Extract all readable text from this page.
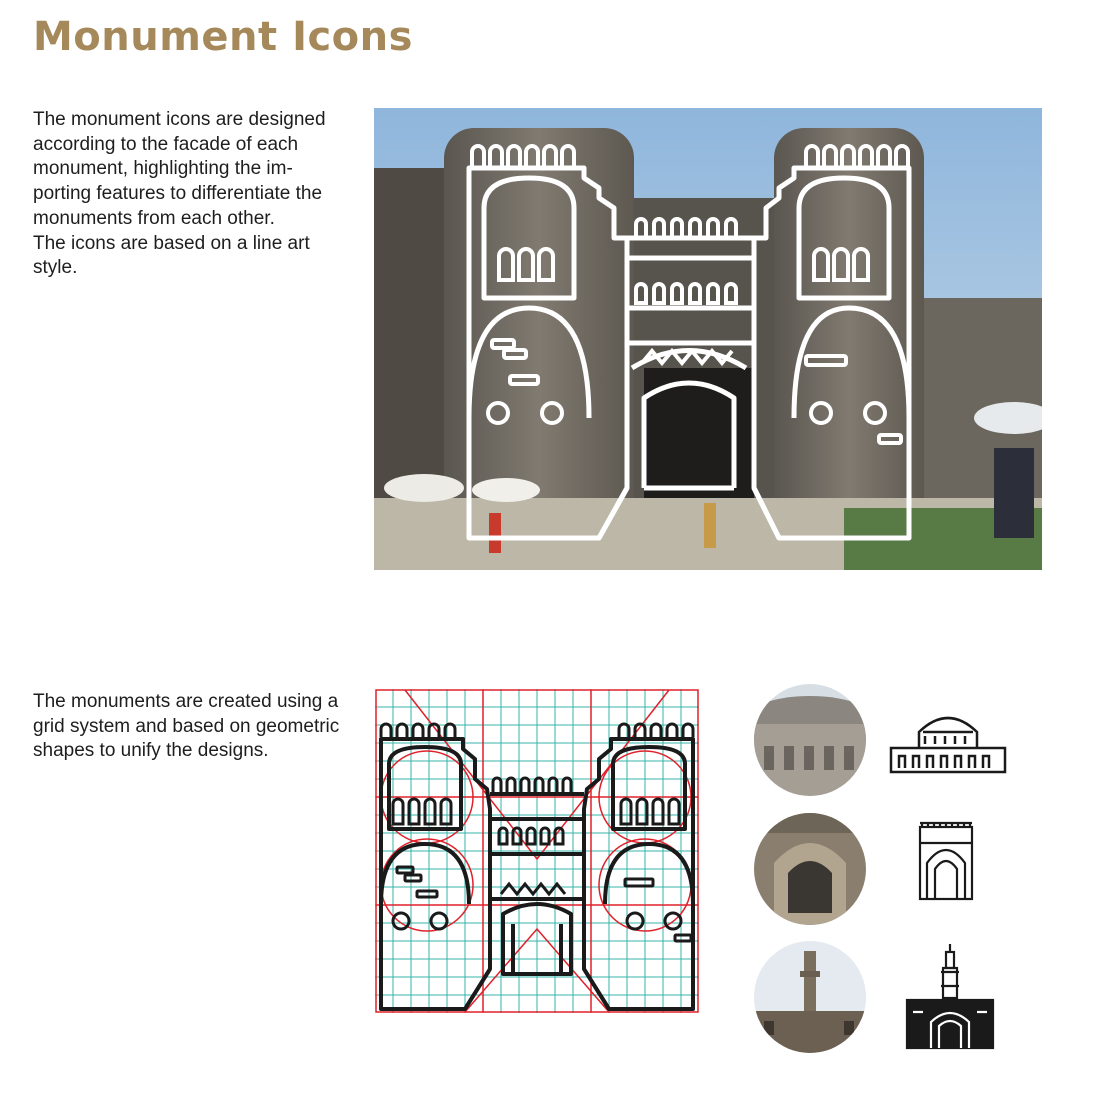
Monument Icons
The monument icons are designed
according to the facade of each
monument, highlighting the im-
porting features to differentiate the
monuments from each other.
The icons are based on a line art
style.
The monuments are created using a
grid system and based on geometric
shapes to unify the designs.
